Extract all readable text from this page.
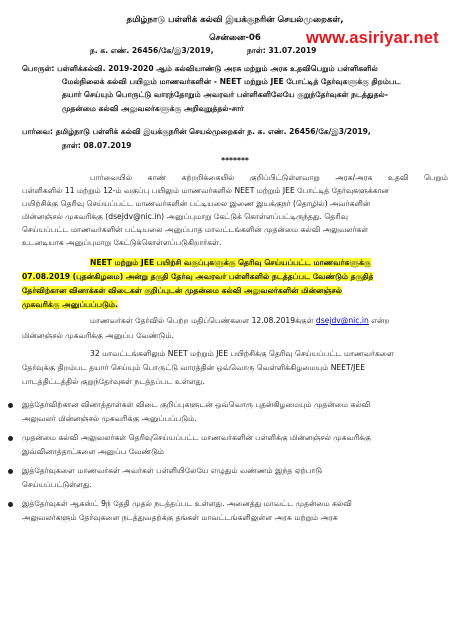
தமிழ்நாடு பள்ளிக் கல்வி இயக்குநரின் செயல்முறைகள்,
சென்னை-06
ந. க. எண். 26456/கே/இ3/2019,	நாள்: 31.07.2019
www.asiriyar.net
பொருள்: பள்ளிக்கல்வி. 2019-2020 ஆம் கல்வியாண்டு அரசு மற்றும் அரசு உதவிபெறும் பள்ளிகளில்
மேல்நிலைக் கல்வி பயிலும் மாணவர்களின் - NEET மற்றும் JEE போட்டித் தேர்வுகளுக்கு திறம்பட
தயார் செய்யும் பொருட்டு வாரந்தோறும் அவரவர் பள்ளிகளிலேயே குறுந்தேர்வுகள் நடத்துதல்-
முதன்மை கல்வி அலுவலர்களுக்கு அறிவுறுத்தல்-சார்
பார்வை: தமிழ்நாடு பள்ளிக் கல்வி இயக்குநரின் செயல்முறைகள் ந. க. எண். 26456/கே/இ3/2019,
நாள்: 08.07.2019
*******
பார்வையில் காண் சுற்றறிக்கையில் குறிப்பிட்டுள்ளவாறு அரசு/அரசு உதவி பெறும்
பள்ளிகளில் 11 மற்றும் 12-ம் வகுப்பு பயிலும் மாணவர்களில் NEET மற்றும் JEE போட்டித் தேர்வுகளுக்கான
பயிற்சிக்கு தெரிவு செய்யப்பட்ட மாணவர்களின் பட்டியலை இணை இயக்குநர் (தொழில்) அவர்களின்
மின்னஞ்சல் முகவரிக்கு (dsejdv@nic.in) அனுப்புமாறு கேட்டுக் கொள்ளப்பட்டிருந்தது. தெரிவு
செய்யப்பட்ட மாணவர்களின் பட்டியலை அனுப்பாத மாவட்டங்களின் முதன்மை கல்வி அலுவலர்கள்
உடனடியாக அனுப்புமாறு கேட்டுக்கொள்ளப்படுகிறார்கள்.
NEET மற்றும் JEE பயிற்சி வகுப்புகளுக்கு தெரிவு செய்யப்பட்ட மாணவர்களுக்கு
07.08.2019 (புதன்கிழமை) அன்று தகுதி தேர்வு அவரவர் பள்ளிகளில் நடத்தப்பட வேண்டும் தகுதித்
தேர்விற்கான வினாக்கள் விடைகள் குறிப்புடன் முதன்மை கல்வி அலுவலர்களின் மின்னஞ்சல்
முகவரிக்கு அனுப்பப்படும்.
மாணவர்கள் தேர்வில் பெற்ற மதிப்பெண்களை 12.08.2019க்குள் dsejdv@nic.in என்ற
மின்னஞ்சல் முகவரிக்கு அனுப்ப வேண்டும்.
32 மாவட்டங்களிலும் NEET மற்றும் JEE பயிற்சிக்கு தெரிவு செய்யப்பட்ட மாணவர்களை
தேர்வுக்கு திறம்பட தயார் செய்யும் பொருட்டு வாரத்தின் ஒவ்வொரு வெள்ளிக்கிழமையும் NEET/JEE
பாடத்திட்டத்தில் குறுந்தேர்வுகள் நடத்தப்பட உள்ளது.
இத்தேர்விற்கான வினாத்தாள்கள் விடை குறிப்புகளுடன் ஒவ்வொரு புதன்கிழமையும் முதன்மை கல்வி
அலுவலர் மின்னஞ்சல் முகவரிக்கு அனுப்பப்படும்.
முதன்மை கல்வி அலுவலர்கள் தெரிவுசெய்யப்பட்ட மாணவர்களின் பள்ளிக்கு மின்னஞ்சல் முகவரிக்கு
இவ்வினாத்தாட்களை அனுப்ப வேண்டும்
இத்தேர்வுகளை மாணவர்கள் அவர்கள் பள்ளியிலேயே எழுதும் வண்ணம் இந்த ஏற்பாடு
செய்யப்பட்டுள்ளது.
இத்தேர்வுகள் ஆகஸ்ட் 9ந் தேதி முதல் நடத்தப்பட உள்ளது. அனைத்து மாவட்ட முதன்மை கல்வி
அலுவலர்களும் தேர்வுகளை நடத்துவதற்க்கு தங்கள் மாவட்டங்களிலுள்ள அரசு மற்றும் அரசு
